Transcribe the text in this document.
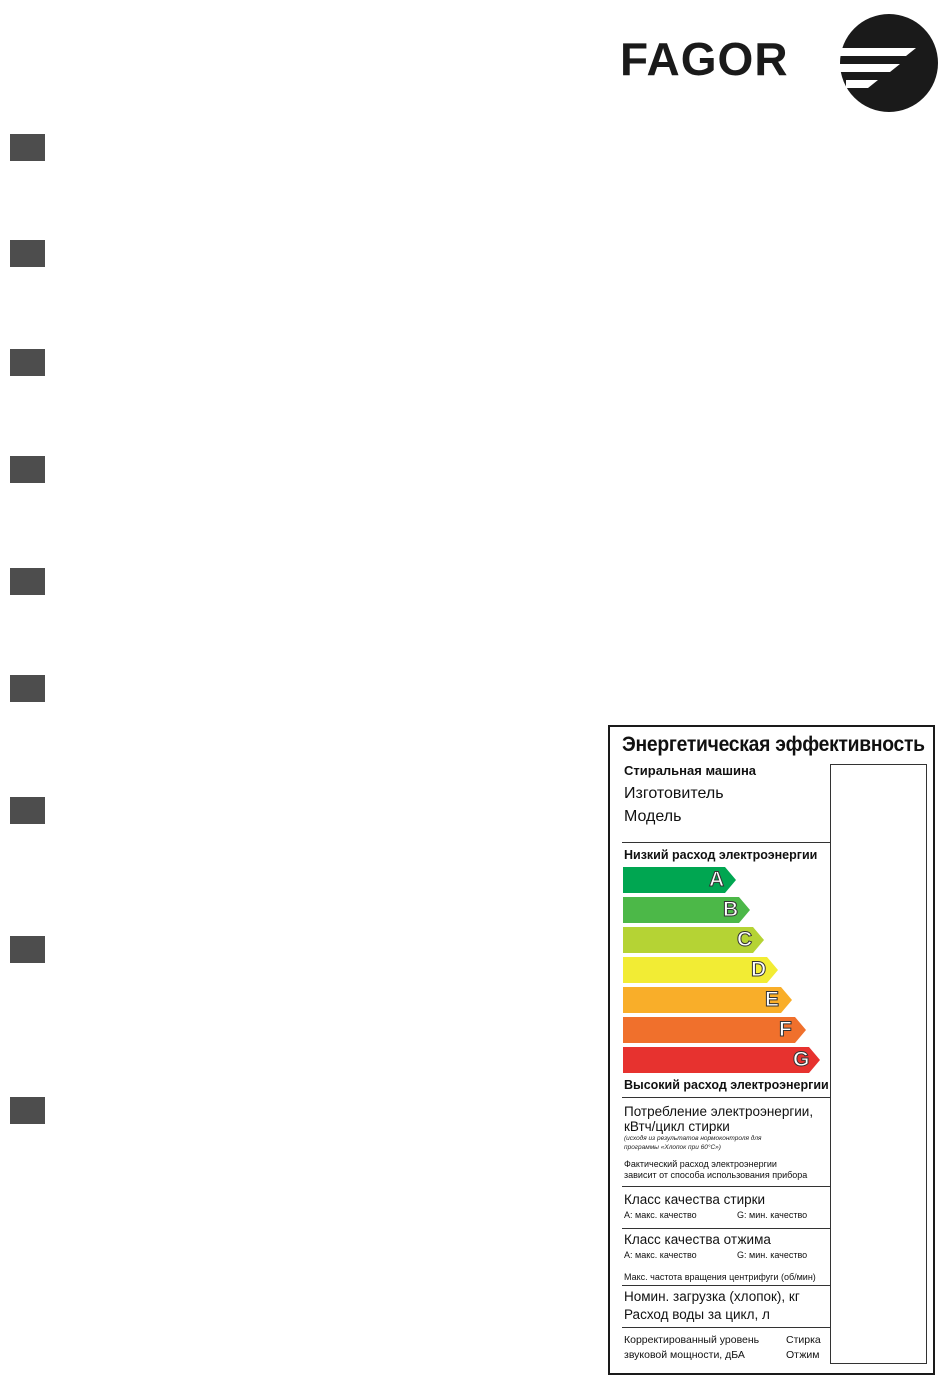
FAGOR
Энергетическая эффективность
Стиральная машина
Изготовитель
Модель
Низкий расход электроэнергии
A
B
C
D
E
F
G
Высокий расход электроэнергии
Потребление электроэнергии,
кВтч/цикл стирки
(исходя из результатов нормоконтроля для
программы «Хлопок при 60°С»)
Фактический расход электроэнергии
зависит от способа использования прибора
Класс качества стирки
A: макс. качество	G: мин. качество
Класс качества отжима
A: макс. качество	G: мин. качество
Макс. частота вращения центрифуги (об/мин)
Номин. загрузка (хлопок), кг
Расход воды за цикл, л
Корректированный уровень
звуковой мощности, дБА
Стирка
Отжим
